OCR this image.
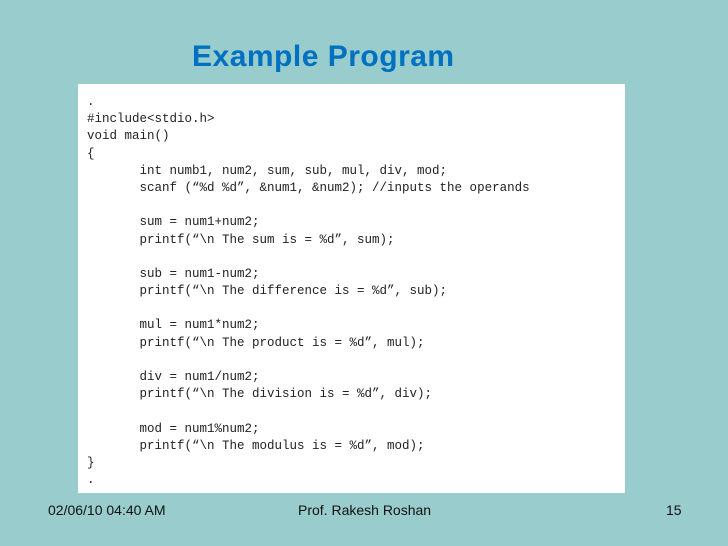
Example Program
.
#include<stdio.h>
void main()
{
int numb1, num2, sum, sub, mul, div, mod;
scanf (“%d %d”, &num1, &num2); //inputs the operands
sum = num1+num2;
printf(“\n The sum is = %d”, sum);
sub = num1-num2;
printf(“\n The difference is = %d”, sub);
mul = num1*num2;
printf(“\n The product is = %d”, mul);
div = num1/num2;
printf(“\n The division is = %d”, div);
mod = num1%num2;
printf(“\n The modulus is = %d”, mod);
}
.
02/06/10 04:40 AM	Prof. Rakesh Roshan	15
